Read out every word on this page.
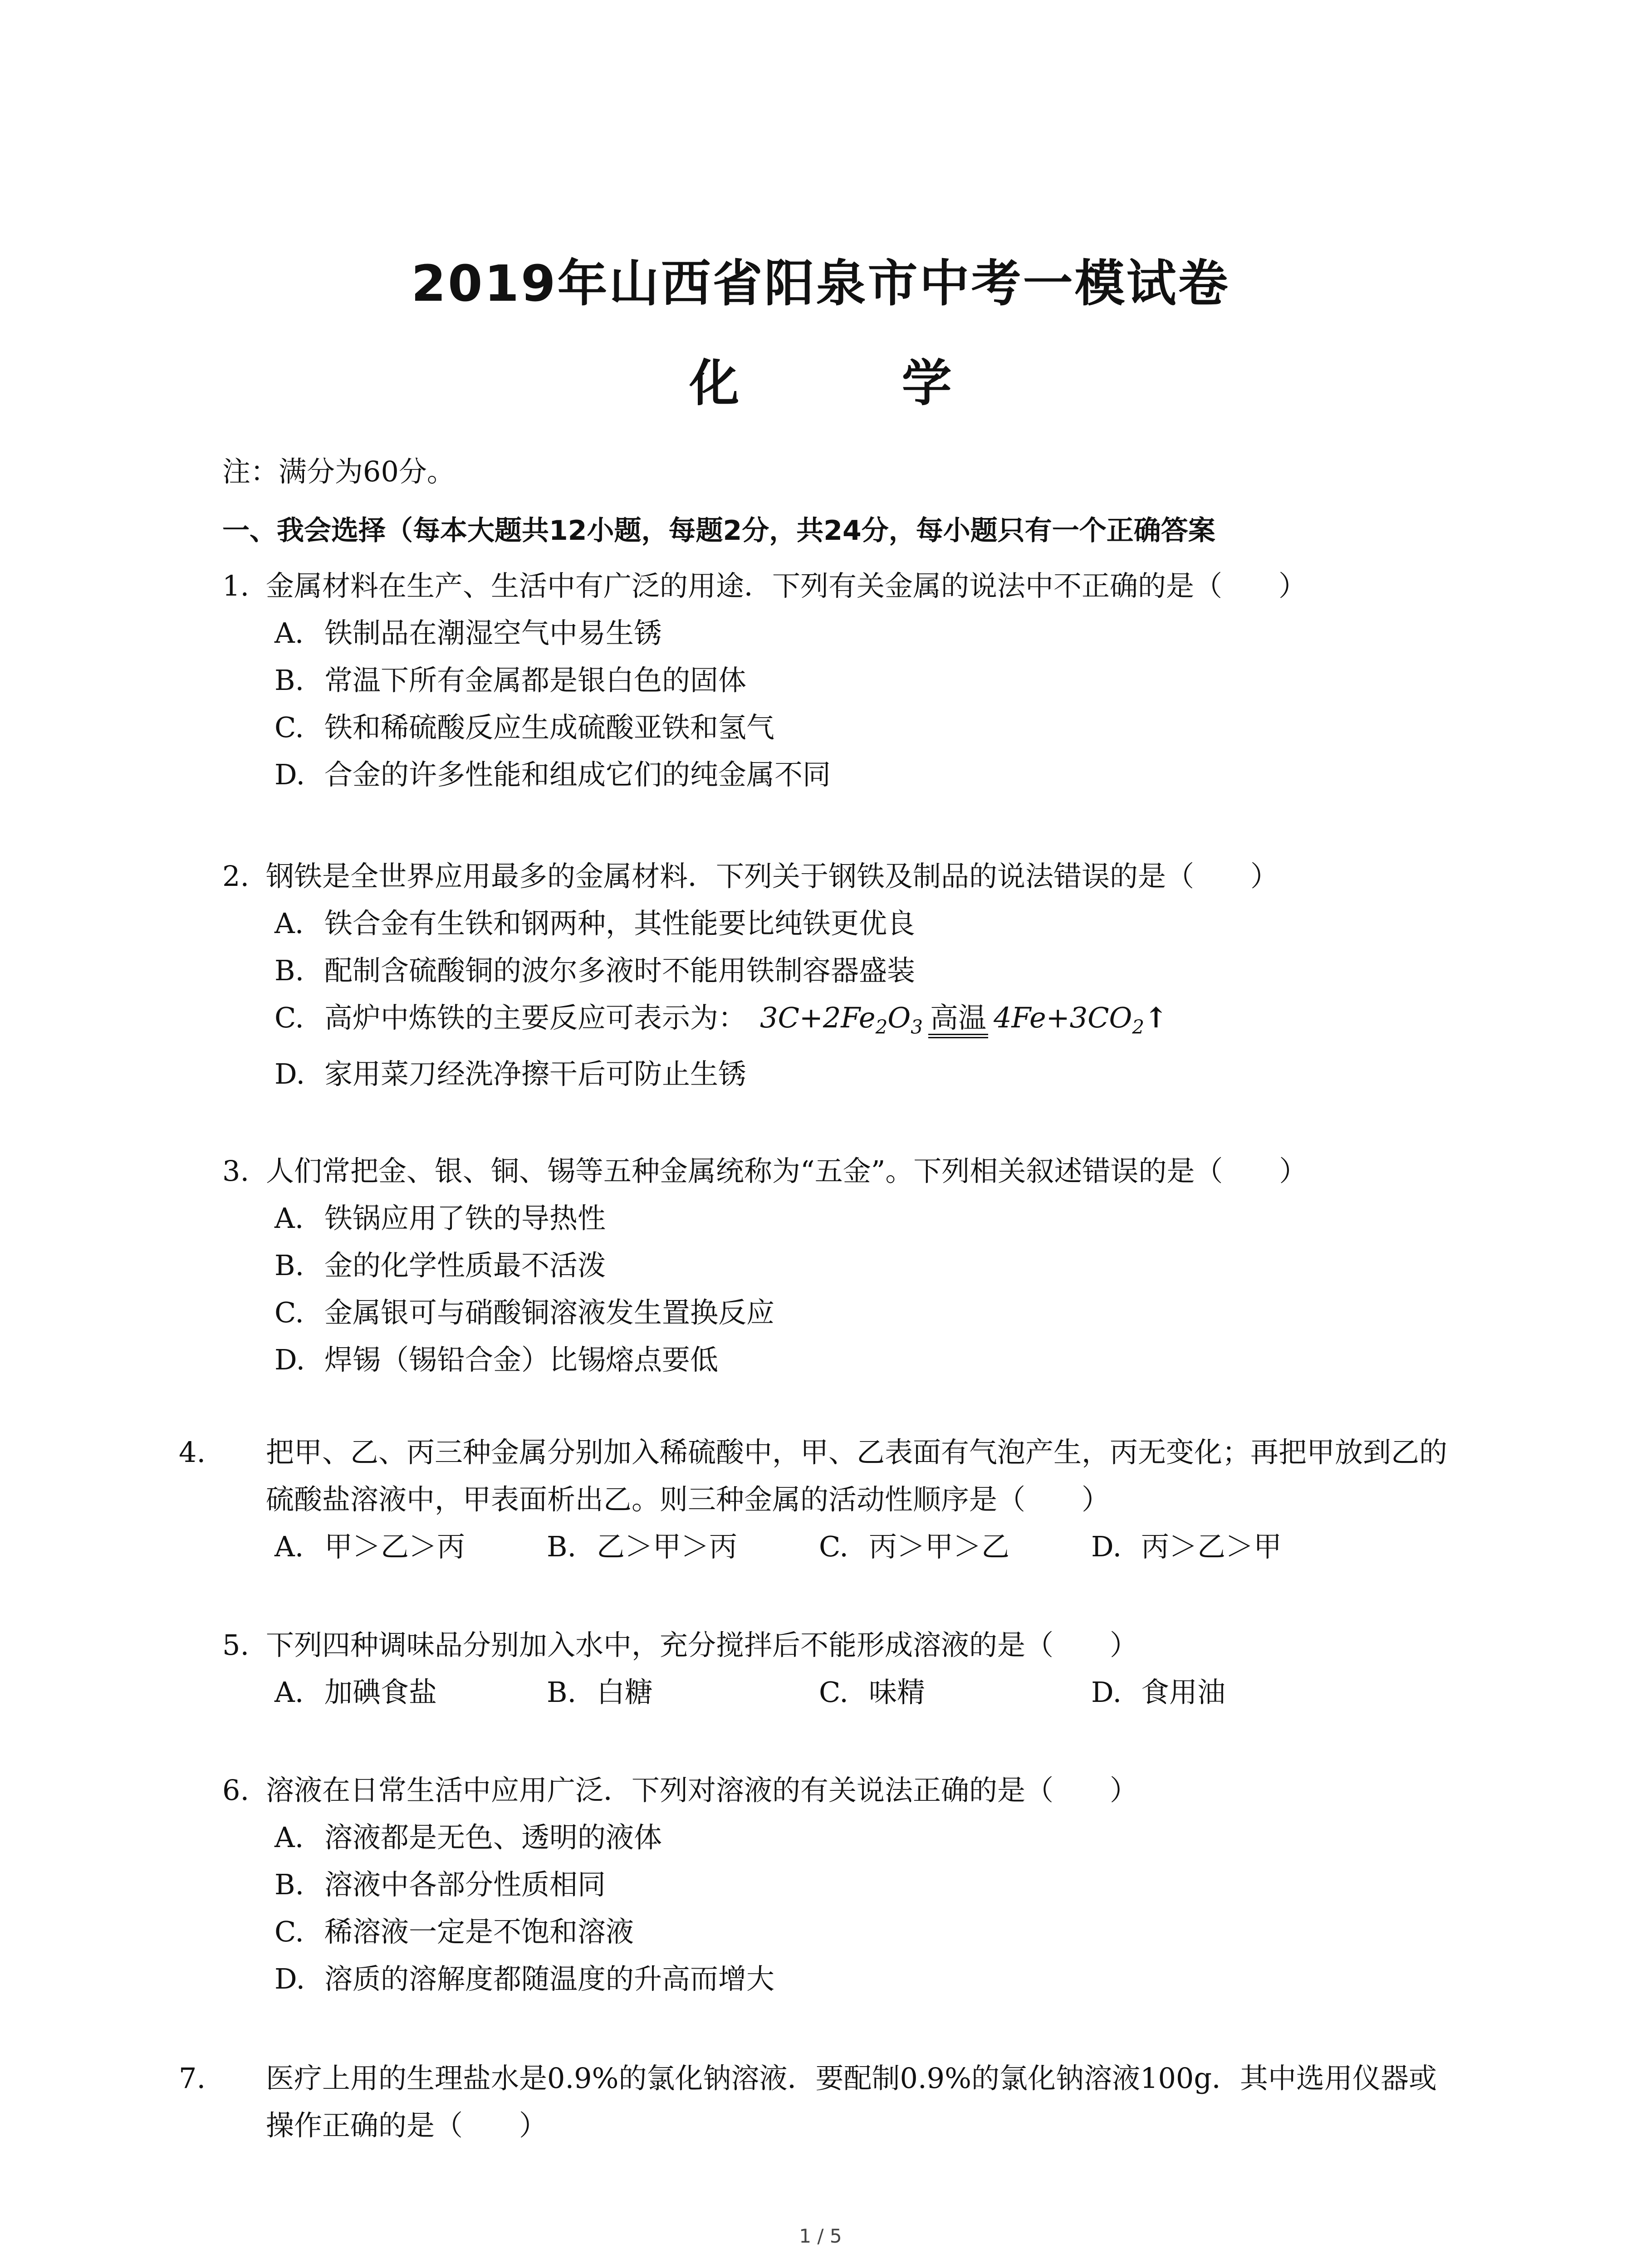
2019年山西省阳泉市中考一模试卷
化 学
注：满分为60分。
一、我会选择（每本大题共12小题，每题2分，共24分，每小题只有一个正确答案
1. 金属材料在生产、生活中有广泛的用途．下列有关金属的说法中不正确的是（　　）
A. 铁制品在潮湿空气中易生锈
B. 常温下所有金属都是银白色的固体
C. 铁和稀硫酸反应生成硫酸亚铁和氢气
D. 合金的许多性能和组成它们的纯金属不同
2. 钢铁是全世界应用最多的金属材料．下列关于钢铁及制品的说法错误的是（　　）
A. 铁合金有生铁和钢两种，其性能要比纯铁更优良
B. 配制含硫酸铜的波尔多液时不能用铁制容器盛装
C. 高炉中炼铁的主要反应可表示为： $3C+2Fe_2O_3$ 高温 $4Fe+3CO_2↑$
D. 家用菜刀经洗净擦干后可防止生锈
3. 人们常把金、银、铜、锡等五种金属统称为“五金”。下列相关叙述错误的是（　　）
A. 铁锅应用了铁的导热性
B. 金的化学性质最不活泼
C. 金属银可与硝酸铜溶液发生置换反应
D. 焊锡（锡铅合金）比锡熔点要低
4. 把甲、乙、丙三种金属分别加入稀硫酸中，甲、乙表面有气泡产生，丙无变化；再把甲放到乙的硫酸盐溶液中，甲表面析出乙。则三种金属的活动性顺序是（　　）
A. 甲＞乙＞丙	B. 乙＞甲＞丙	C. 丙＞甲＞乙	D. 丙＞乙＞甲
5. 下列四种调味品分别加入水中，充分搅拌后不能形成溶液的是（　　）
A. 加碘食盐	B. 白糖	C. 味精	D. 食用油
6. 溶液在日常生活中应用广泛．下列对溶液的有关说法正确的是（　　）
A. 溶液都是无色、透明的液体
B. 溶液中各部分性质相同
C. 稀溶液一定是不饱和溶液
D. 溶质的溶解度都随温度的升高而增大
7. 医疗上用的生理盐水是0.9%的氯化钠溶液．要配制0.9%的氯化钠溶液100g．其中选用仪器或操作正确的是（　　）
1 / 5
